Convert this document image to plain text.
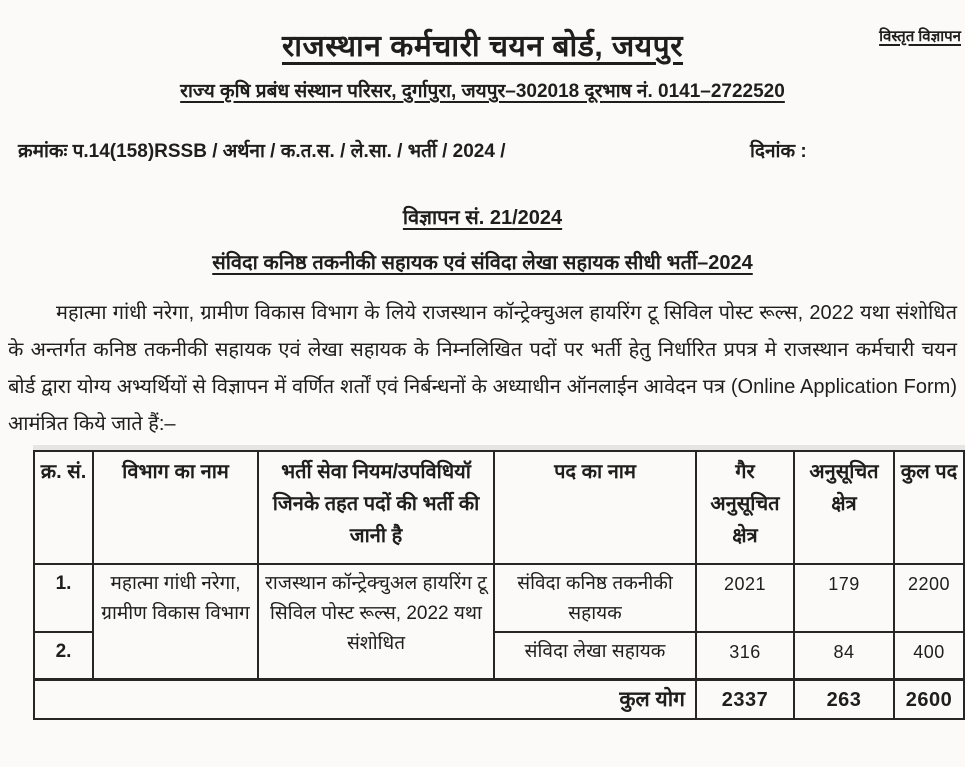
विस्तृत विज्ञापन
राजस्थान कर्मचारी चयन बोर्ड, जयपुर
राज्य कृषि प्रबंध संस्थान परिसर, दुर्गापुरा, जयपुर–302018 दूरभाष नं. 0141–2722520
क्रमांकः प.14(158)RSSB / अर्थना / क.त.स. / ले.सा. / भर्ती / 2024 /	दिनांक :
विज्ञापन सं. 21/2024
संविदा कनिष्ठ तकनीकी सहायक एवं संविदा लेखा सहायक सीधी भर्ती–2024

महात्मा गांधी नरेगा, ग्रामीण विकास विभाग के लिये राजस्थान कॉन्ट्रेक्चुअल हायरिंग टू सिविल पोस्ट रूल्स, 2022 यथा संशोधित के अन्तर्गत कनिष्ठ तकनीकी सहायक एवं लेखा सहायक के निम्नलिखित पदों पर भर्ती हेतु निर्धारित प्रपत्र मे राजस्थान कर्मचारी चयन बोर्ड द्वारा योग्य अभ्यर्थियों से विज्ञापन में वर्णित शर्तों एवं निर्बन्धनों के अध्याधीन ऑनलाईन आवेदन पत्र (Online Application Form) आमंत्रित किये जाते हैं:–

क्र. सं.	विभाग का नाम	भर्ती सेवा नियम/उपविधियॉ जिनके तहत पदों की भर्ती की जानी है	पद का नाम	गैर अनुसूचित क्षेत्र	अनुसूचित क्षेत्र	कुल पद
1.	महात्मा गांधी नरेगा, ग्रामीण विकास विभाग	राजस्थान कॉन्ट्रेक्चुअल हायरिंग टू सिविल पोस्ट रूल्स, 2022 यथा संशोधित	संविदा कनिष्ठ तकनीकी सहायक	2021	179	2200
2.			संविदा लेखा सहायक	316	84	400
कुल योग				2337	263	2600
